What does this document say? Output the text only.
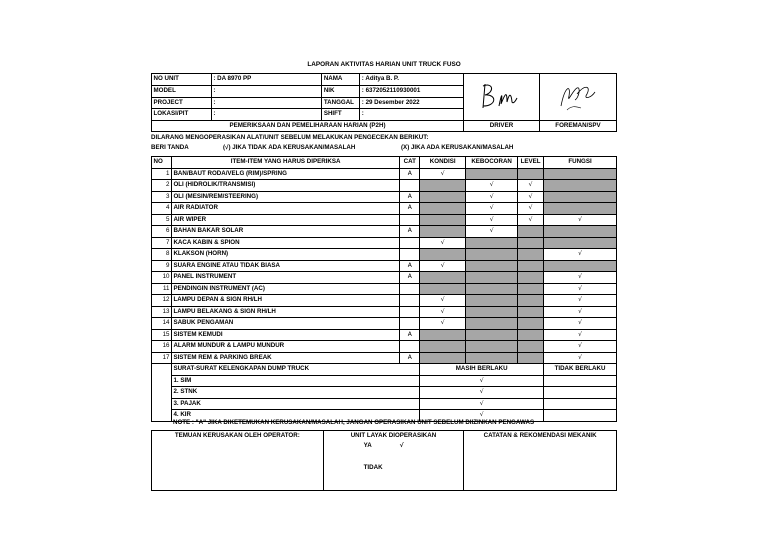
LAPORAN AKTIVITAS HARIAN UNIT TRUCK FUSO
NO UNIT	: DA 8970 PP	NAMA	: Aditya B. P.		
MODEL	:	NIK	: 6372052110930001		
PROJECT	:	TANGGAL	: 29 Desember 2022		
LOKASI/PIT	:	SHIFT	:		
PEMERIKSAAN DAN PEMELIHARAAN HARIAN (P2H)				DRIVER	FOREMAN/SPV
DILARANG MENGOPERASIKAN ALAT/UNIT SEBELUM MELAKUKAN PENGECEKAN BERIKUT:
BERI TANDA	(√) JIKA TIDAK ADA KERUSAKAN/MASALAH	(X) JIKA ADA KERUSAKAN/MASALAH
NO	ITEM-ITEM YANG HARUS DIPERIKSA	CAT	KONDISI	KEBOCORAN	LEVEL	FUNGSI
1	BAN/BAUT RODA/VELG (RIM)/SPRING	A	√			
2	OLI (HIDROLIK/TRANSMISI)			√	√	
3	OLI (MESIN/REM/STEERING)	A		√	√	
4	AIR RADIATOR	A		√	√	
5	AIR WIPER			√	√	√
6	BAHAN BAKAR SOLAR	A		√		
7	KACA KABIN & SPION		√			
8	KLAKSON (HORN)					√
9	SUARA ENGINE ATAU TIDAK BIASA	A	√			
10	PANEL INSTRUMENT	A				√
11	PENDINGIN INSTRUMENT (AC)					√
12	LAMPU DEPAN & SIGN RH/LH		√			√
13	LAMPU BELAKANG & SIGN RH/LH		√			√
14	SABUK PENGAMAN		√			√
15	SISTEM KEMUDI	A				√
16	ALARM MUNDUR & LAMPU MUNDUR					√
17	SISTEM REM & PARKING BREAK	A				√
	SURAT-SURAT KELENGKAPAN DUMP TRUCK		MASIH BERLAKU			TIDAK BERLAKU
	1. SIM		√			
	2. STNK		√			
	3. PAJAK		√			
	4. KIR		√			
NOTE : "A" JIKA DIKETEMUKAN KERUSAKAN/MASALAH, JANGAN OPERASIKAN UNIT SEBELUM DIIZINKAN PENGAWAS
TEMUAN KERUSAKAN OLEH OPERATOR:	UNIT LAYAK DIOPERASIKAN
YA	√
TIDAK
	CATATAN & REKOMENDASI MEKANIK
